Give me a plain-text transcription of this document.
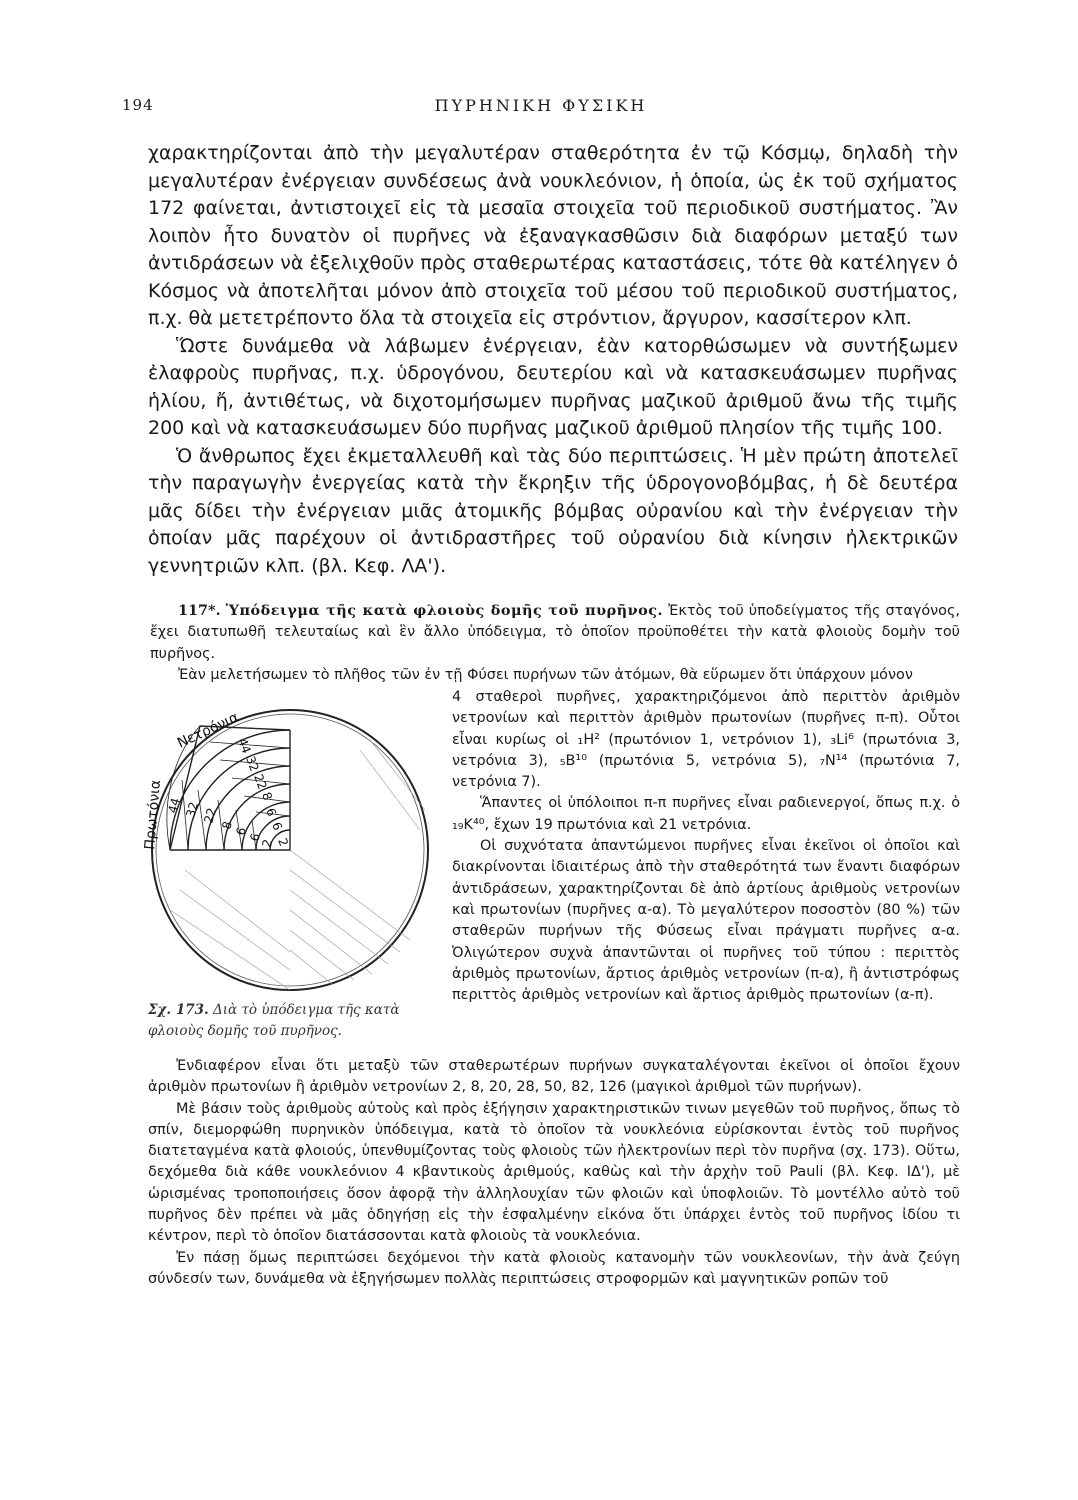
194	ΠΥΡΗΝΙΚΗ ΦΥΣΙΚΗ

χαρακτηρίζονται ἀπὸ τὴν μεγαλυτέραν σταθερότητα ἐν τῷ Κόσμῳ, δηλαδὴ τὴν μεγαλυτέραν ἐνέργειαν συνδέσεως ἀνὰ νουκλεόνιον, ἡ ὁποία, ὡς ἐκ τοῦ σχήματος 172 φαίνεται, ἀντιστοιχεῖ εἰς τὰ μεσαῖα στοιχεῖα τοῦ περιοδικοῦ συστήματος. Ἂν λοιπὸν ἦτο δυνατὸν οἱ πυρῆνες νὰ ἐξαναγκασθῶσιν διὰ διαφόρων μεταξύ των ἀντιδράσεων νὰ ἐξελιχθοῦν πρὸς σταθερωτέρας καταστάσεις, τότε θὰ κατέληγεν ὁ Κόσμος νὰ ἀποτελῆται μόνον ἀπὸ στοιχεῖα τοῦ μέσου τοῦ περιοδικοῦ συστήματος, π.χ. θὰ μετετρέποντο ὅλα τὰ στοιχεῖα εἰς στρόντιον, ἄργυρον, κασσίτερον κλπ.

Ὥστε δυνάμεθα νὰ λάβωμεν ἐνέργειαν, ἐὰν κατορθώσωμεν νὰ συντήξωμεν ἐλαφροὺς πυρῆνας, π.χ. ὑδρογόνου, δευτερίου καὶ νὰ κατασκευάσωμεν πυρῆνας ἡλίου, ἤ, ἀντιθέτως, νὰ διχοτομήσωμεν πυρῆνας μαζικοῦ ἀριθμοῦ ἄνω τῆς τιμῆς 200 καὶ νὰ κατασκευάσωμεν δύο πυρῆνας μαζικοῦ ἀριθμοῦ πλησίον τῆς τιμῆς 100.

Ὁ ἄνθρωπος ἔχει ἐκμεταλλευθῆ καὶ τὰς δύο περιπτώσεις. Ἡ μὲν πρώτη ἀποτελεῖ τὴν παραγωγὴν ἐνεργείας κατὰ τὴν ἔκρηξιν τῆς ὑδρογονοβόμβας, ἡ δὲ δευτέρα μᾶς δίδει τὴν ἐνέργειαν μιᾶς ἀτομικῆς βόμβας οὐρανίου καὶ τὴν ἐνέργειαν τὴν ὁποίαν μᾶς παρέχουν οἱ ἀντιδραστῆρες τοῦ οὐρανίου διὰ κίνησιν ἠλεκτρικῶν γεννητριῶν κλπ. (βλ. Κεφ. ΛΑ').

117*. Ὑπόδειγμα τῆς κατὰ φλοιοὺς δομῆς τοῦ πυρῆνος. Ἐκτὸς τοῦ ὑποδείγματος τῆς σταγόνος, ἔχει διατυπωθῆ τελευταίως καὶ ἓν ἄλλο ὑπόδειγμα, τὸ ὁποῖον προϋποθέτει τὴν κατὰ φλοιοὺς δομὴν τοῦ πυρῆνος.

Ἐὰν μελετήσωμεν τὸ πλῆθος τῶν ἐν τῇ Φύσει πυρήνων τῶν ἀτόμων, θὰ εὕρωμεν ὅτι ὑπάρχουν μόνον

44
32
22
8
6
6
2
44 32 22
8
6
6
2
Νετρόνια
Πρωτόνια
Σχ. 173. Διὰ τὸ ὑπόδειγμα τῆς κατὰ φλοιοὺς δομῆς τοῦ πυρῆνος.

4 σταθεροὶ πυρῆνες, χαρακτηριζόμενοι ἀπὸ περιττὸν ἀριθμὸν νετρονίων καὶ περιττὸν ἀριθμὸν πρωτονίων (πυρῆνες π-π). Οὗτοι εἶναι κυρίως οἱ ₁H² (πρωτόνιον 1, νετρόνιον 1), ₃Li⁶ (πρωτόνια 3, νετρόνια 3), ₅B¹⁰ (πρωτόνια 5, νετρόνια 5), ₇N¹⁴ (πρωτόνια 7, νετρόνια 7).

Ἅπαντες οἱ ὑπόλοιποι π-π πυρῆνες εἶναι ραδιενεργοί, ὅπως π.χ. ὁ ₁₉K⁴⁰, ἔχων 19 πρωτόνια καὶ 21 νετρόνια.

Οἱ συχνότατα ἀπαντώμενοι πυρῆνες εἶναι ἐκεῖνοι οἱ ὁποῖοι καὶ διακρίνονται ἰδιαιτέρως ἀπὸ τὴν σταθερότητά των ἔναντι διαφόρων ἀντιδράσεων, χαρακτηρίζονται δὲ ἀπὸ ἀρτίους ἀριθμοὺς νετρονίων καὶ πρωτονίων (πυρῆνες α-α). Τὸ μεγαλύτερον ποσοστὸν (80 %) τῶν σταθερῶν πυρήνων τῆς Φύσεως εἶναι πράγματι πυρῆνες α-α. Ὀλιγώτερον συχνὰ ἀπαντῶνται οἱ πυρῆνες τοῦ τύπου : περιττὸς ἀριθμὸς πρωτονίων, ἄρτιος ἀριθμὸς νετρονίων (π-α), ἢ ἀντιστρόφως περιττὸς ἀριθμὸς νετρονίων καὶ ἄρτιος ἀριθμὸς πρωτονίων (α-π).

Ἐνδιαφέρον εἶναι ὅτι μεταξὺ τῶν σταθερωτέρων πυρήνων συγκαταλέγονται ἐκεῖνοι οἱ ὁποῖοι ἔχουν ἀριθμὸν πρωτονίων ἢ ἀριθμὸν νετρονίων 2, 8, 20, 28, 50, 82, 126 (μαγικοὶ ἀριθμοὶ τῶν πυρήνων).

Μὲ βάσιν τοὺς ἀριθμοὺς αὐτοὺς καὶ πρὸς ἐξήγησιν χαρακτηριστικῶν τινων μεγεθῶν τοῦ πυρῆνος, ὅπως τὸ σπίν, διεμορφώθη πυρηνικὸν ὑπόδειγμα, κατὰ τὸ ὁποῖον τὰ νουκλεόνια εὑρίσκονται ἐντὸς τοῦ πυρῆνος διατεταγμένα κατὰ φλοιούς, ὑπενθυμίζοντας τοὺς φλοιοὺς τῶν ἠλεκτρονίων περὶ τὸν πυρῆνα (σχ. 173). Οὕτω, δεχόμεθα διὰ κάθε νουκλεόνιον 4 κβαντικοὺς ἀριθμούς, καθὼς καὶ τὴν ἀρχὴν τοῦ Pauli (βλ. Κεφ. ΙΔ'), μὲ ὡρισμένας τροποποιήσεις ὅσον ἀφορᾷ τὴν ἀλληλουχίαν τῶν φλοιῶν καὶ ὑποφλοιῶν. Τὸ μοντέλλο αὐτὸ τοῦ πυρῆνος δὲν πρέπει νὰ μᾶς ὁδηγήσῃ εἰς τὴν ἐσφαλμένην εἰκόνα ὅτι ὑπάρχει ἐντὸς τοῦ πυρῆνος ἰδίου τι κέντρον, περὶ τὸ ὁποῖον διατάσσονται κατὰ φλοιοὺς τὰ νουκλεόνια.

Ἐν πάσῃ ὅμως περιπτώσει δεχόμενοι τὴν κατὰ φλοιοὺς κατανομὴν τῶν νουκλεονίων, τὴν ἀνὰ ζεύγη σύνδεσίν των, δυνάμεθα νὰ ἐξηγήσωμεν πολλὰς περιπτώσεις στροφορμῶν καὶ μαγνητικῶν ροπῶν τοῦ
